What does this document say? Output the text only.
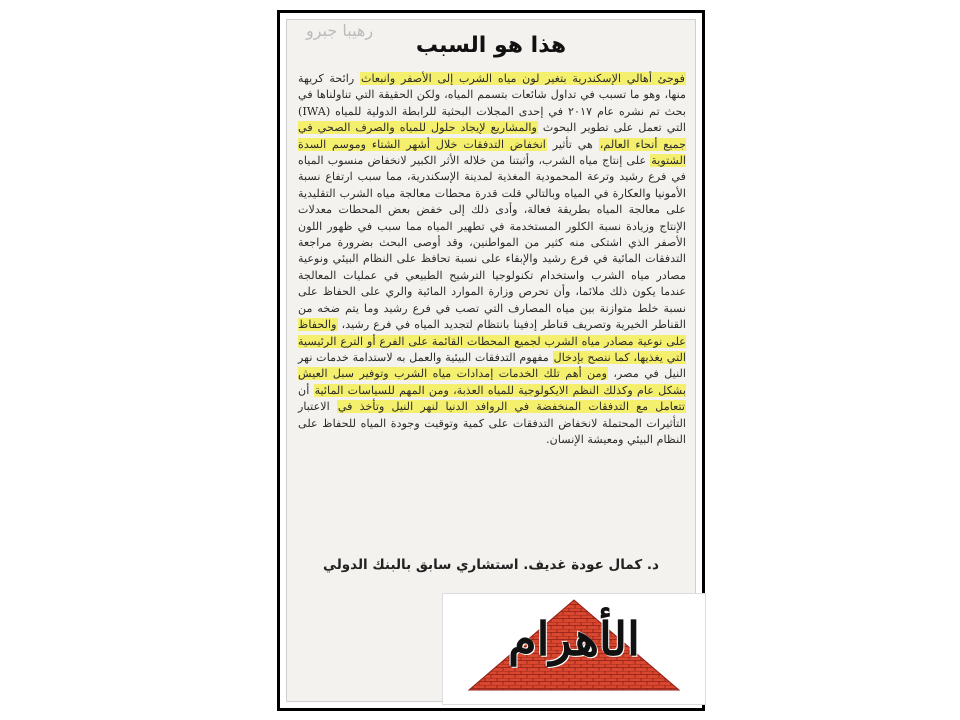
رهيبا جبرو
هذا هو السبب
فوجئ أهالي الإسكندرية بتغير لون مياه الشرب إلى الأصفر وانبعاث رائحة كريهة منها، وهو ما تسبب في تداول شائعات بتسمم المياه، ولكن الحقيقة التي تناولناها في بحث تم نشره عام ٢٠١٧ في إحدى المجلات البحثية للرابطة الدولية للمياه (IWA) التي تعمل على تطوير البحوث والمشاريع لإيجاد حلول للمياه والصرف الصحي في جميع أنحاء العالم، هي تأثير انخفاض التدفقات خلال أشهر الشتاء وموسم السدة الشتوية على إنتاج مياه الشرب، وأثبتنا من خلاله الأثر الكبير لانخفاض منسوب المياه في فرع رشيد وترعة المحمودية المغذية لمدينة الإسكندرية، مما سبب ارتفاع نسبة الأمونيا والعكارة في المياه وبالتالي قلت قدرة محطات معالجة مياه الشرب التقليدية على معالجة المياه بطريقة فعالة، وأدى ذلك إلى خفض بعض المحطات معدلات الإنتاج وزيادة نسبة الكلور المستخدمة في تطهير المياه مما سبب في ظهور اللون الأصفر الذي اشتكى منه كثير من المواطنين، وقد أوصى البحث بضرورة مراجعة التدفقات المائية في فرع رشيد والإبقاء على نسبة تحافظ على النظام البيئي ونوعية مصادر مياه الشرب واستخدام تكنولوجيا الترشيح الطبيعي في عمليات المعالجة عندما يكون ذلك ملائما، وأن تحرص وزارة الموارد المائية والري على الحفاظ على نسبة خلط متوازنة بين مياه المصارف التي تصب في فرع رشيد وما يتم ضخه من القناطر الخيرية وتصريف قناطر إدفينا بانتظام لتجديد المياه في فرع رشيد، والحفاظ على نوعية مصادر مياه الشرب لجميع المحطات القائمة على الفرع أو الترع الرئيسية التي يغذيها، كما ننصح بإدخال مفهوم التدفقات البيئية والعمل به لاستدامة خدمات نهر النيل في مصر، ومن أهم تلك الخدمات إمدادات مياه الشرب وتوفير سبل العيش بشكل عام وكذلك النظم الايكولوجية للمياه العذبة، ومن المهم للسياسات المائية أن تتعامل مع التدفقات المنخفضة في الروافد الدنيا لنهر النيل وتأخذ في الاعتبار التأثيرات المحتملة لانخفاض التدفقات على كمية وتوقيت وجودة المياه للحفاظ على النظام البيئي ومعيشة الإنسان.
د. كمال عودة غديف. استشاري سابق بالبنك الدولي
الأهرام
